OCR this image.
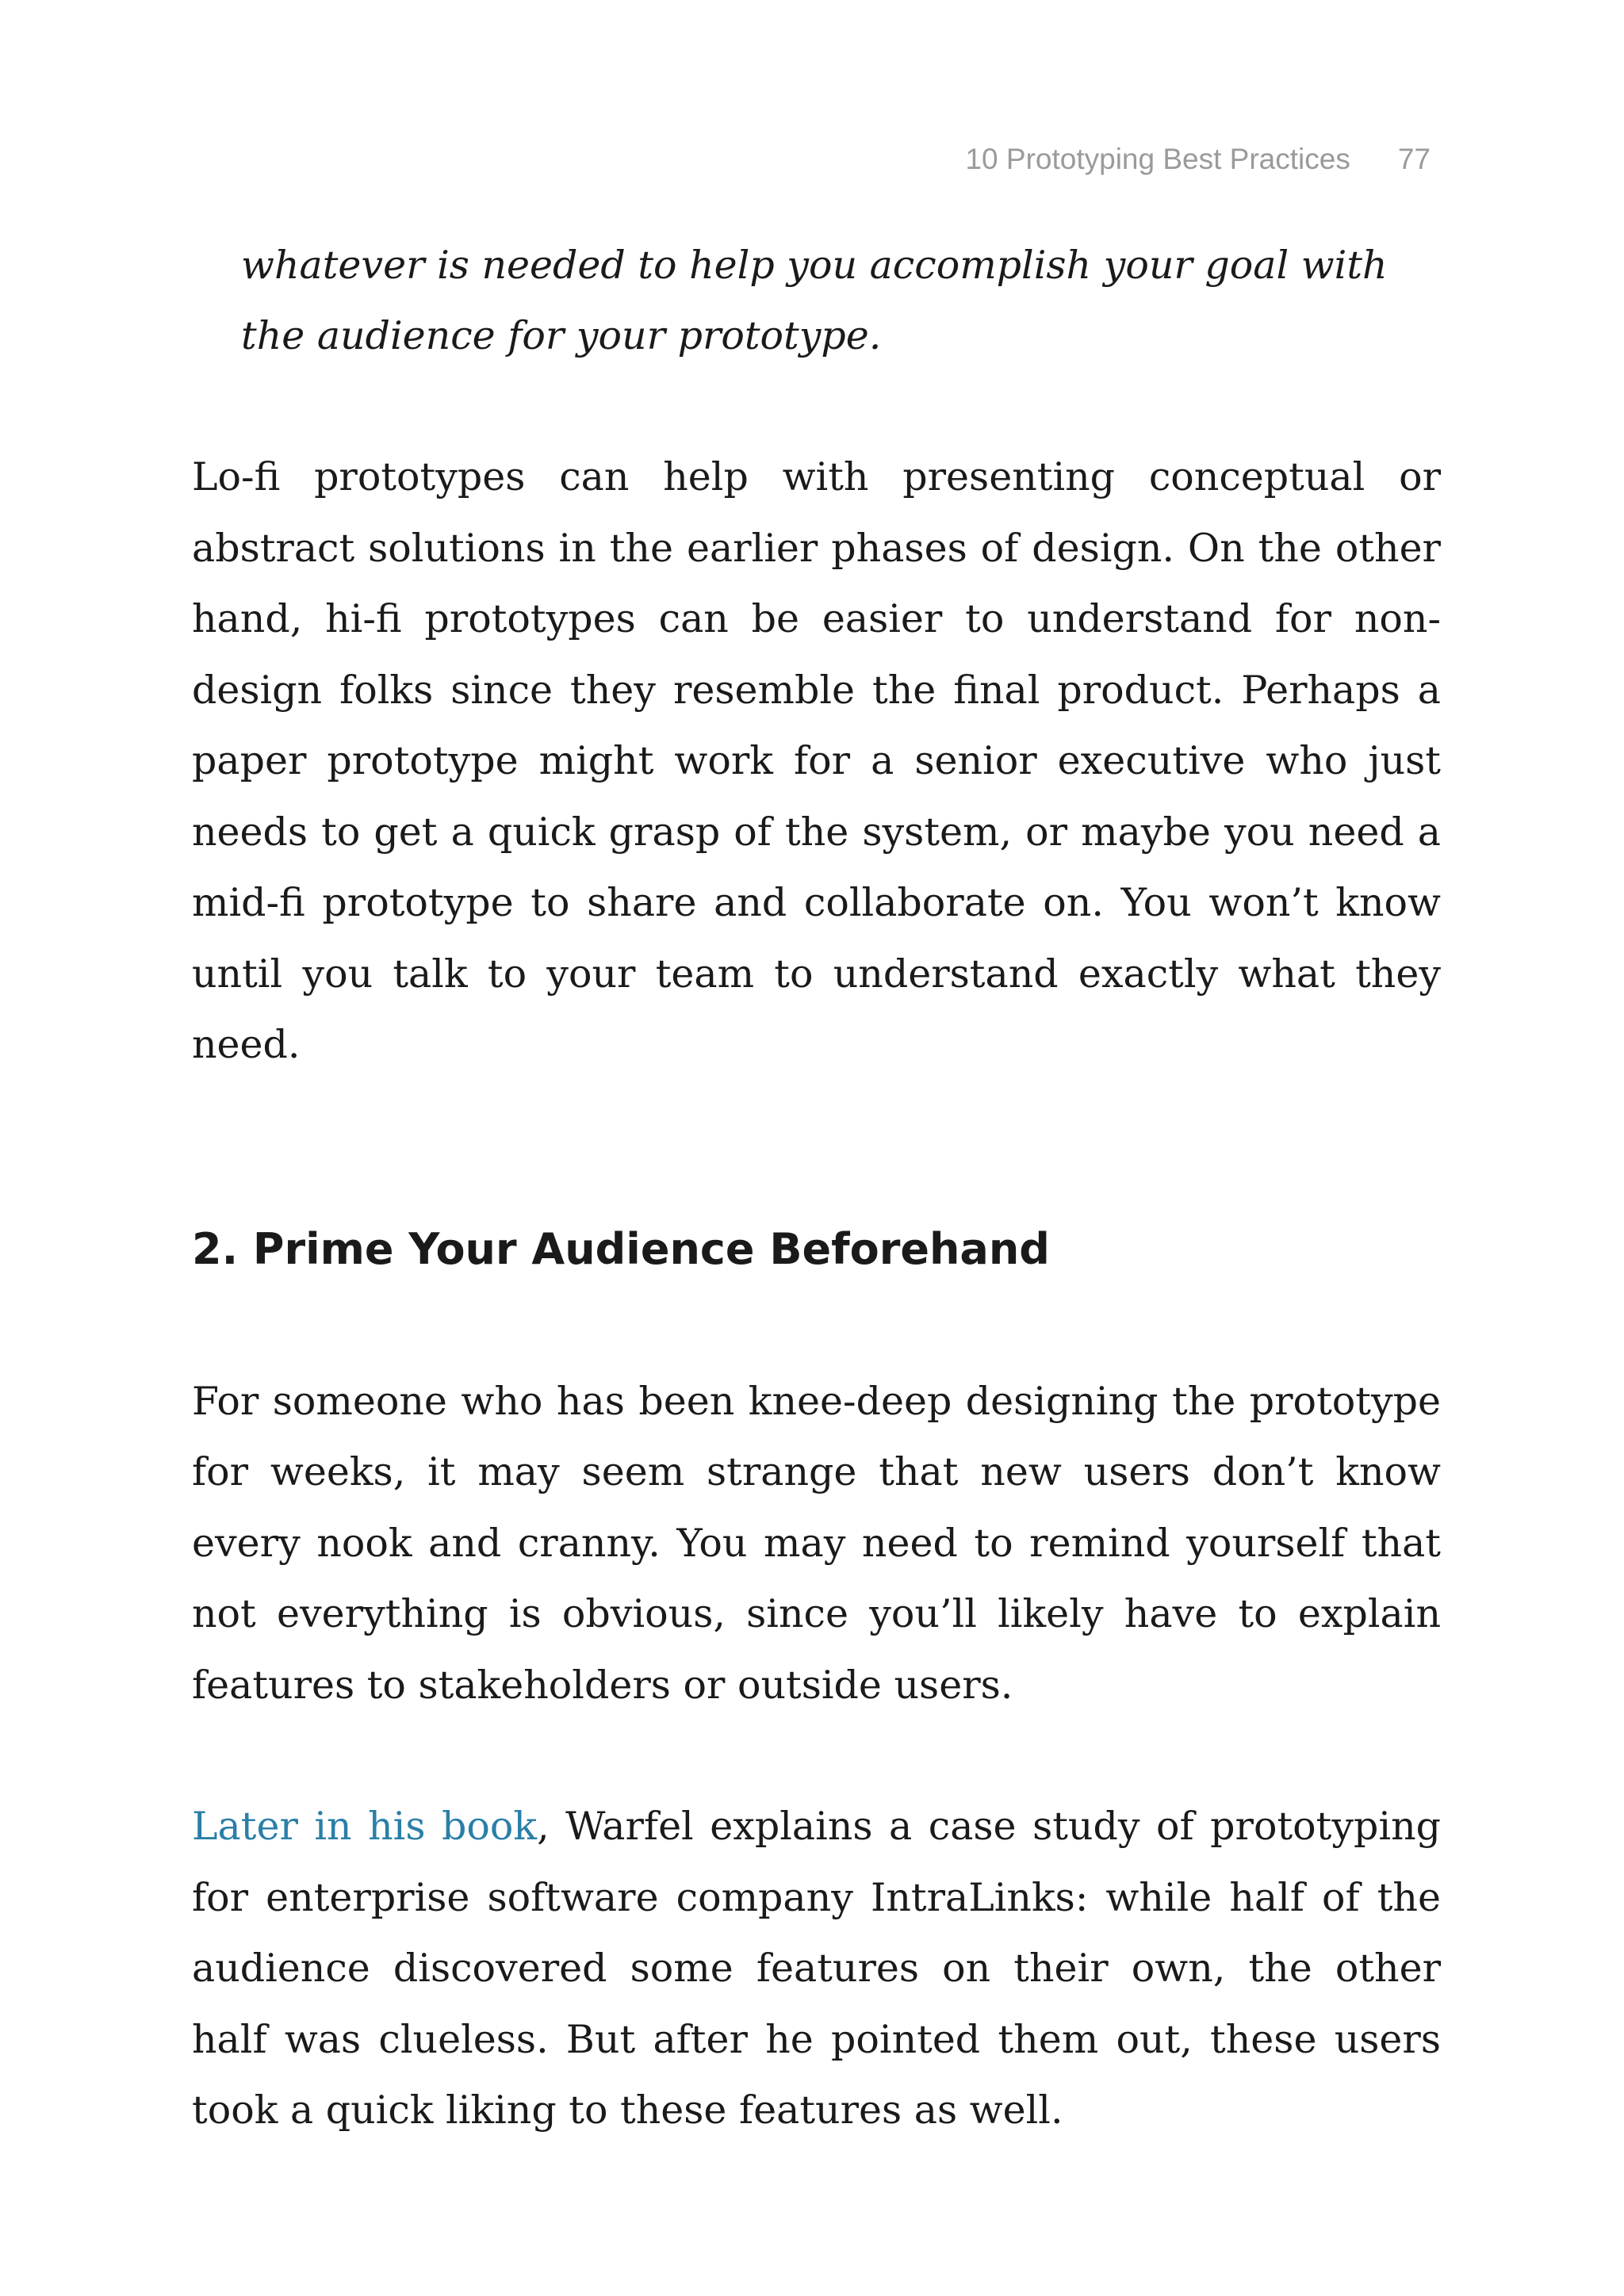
10 Prototyping Best Practices 77

whatever is needed to help you accomplish your goal with the audience for your prototype.

Lo-fi prototypes can help with presenting conceptual or abstract solutions in the earlier phases of design. On the other hand, hi-fi prototypes can be easier to understand for non-design folks since they resemble the final product. Perhaps a paper prototype might work for a senior executive who just needs to get a quick grasp of the system, or maybe you need a mid-fi prototype to share and collaborate on. You won’t know until you talk to your team to understand exactly what they need.

2. Prime Your Audience Beforehand

For someone who has been knee-deep designing the prototype for weeks, it may seem strange that new users don’t know every nook and cranny. You may need to remind yourself that not everything is obvious, since you’ll likely have to explain features to stakeholders or outside users.

Later in his book, Warfel explains a case study of prototyping for enterprise software company IntraLinks: while half of the audience discovered some features on their own, the other half was clueless. But after he pointed them out, these users took a quick liking to these features as well.
